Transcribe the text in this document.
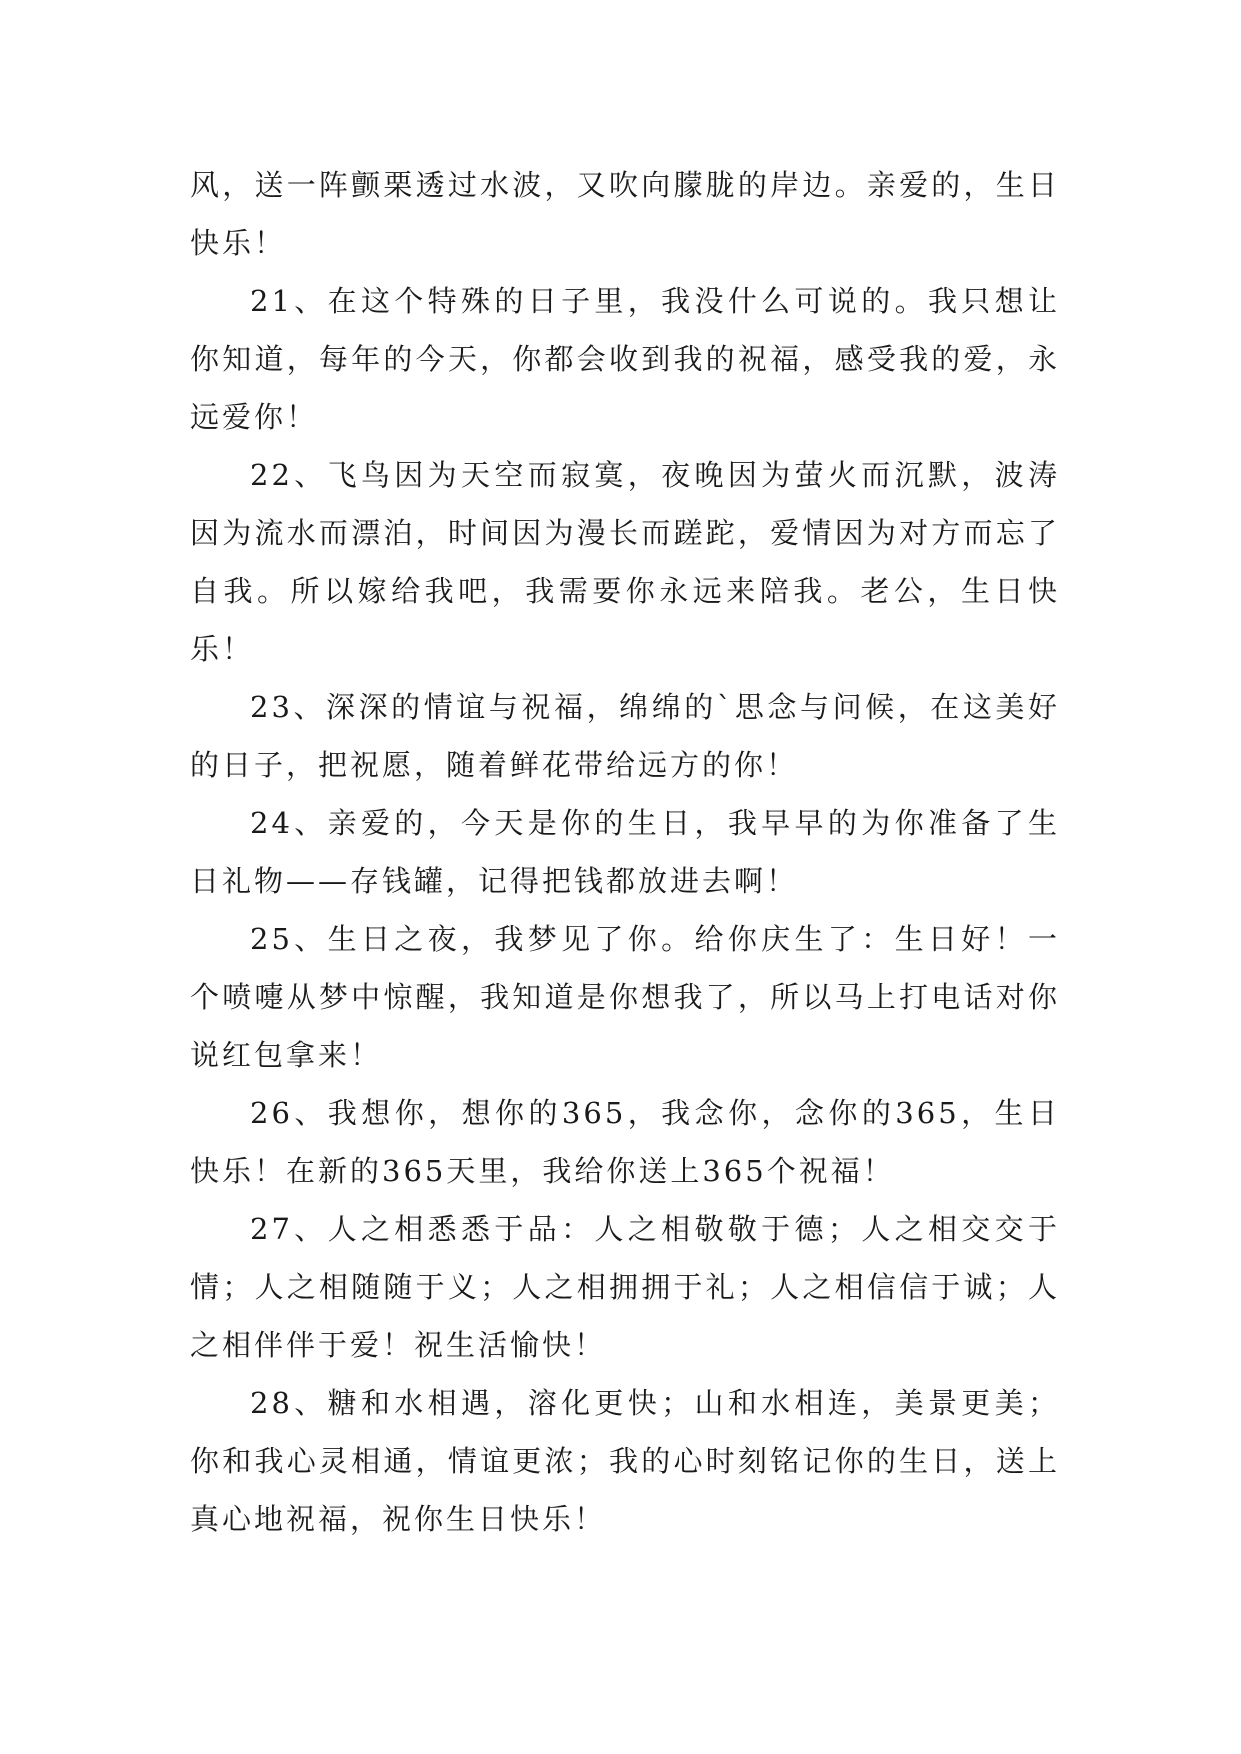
风，送一阵颤栗透过水波，又吹向朦胧的岸边。亲爱的，生日快乐！

21、在这个特殊的日子里，我没什么可说的。我只想让你知道，每年的今天，你都会收到我的祝福，感受我的爱，永远爱你！

22、飞鸟因为天空而寂寞，夜晚因为萤火而沉默，波涛因为流水而漂泊，时间因为漫长而蹉跎，爱情因为对方而忘了自我。所以嫁给我吧，我需要你永远来陪我。老公，生日快乐！

23、深深的情谊与祝福，绵绵的`思念与问候，在这美好的日子，把祝愿，随着鲜花带给远方的你！

24、亲爱的，今天是你的生日，我早早的为你准备了生日礼物——存钱罐，记得把钱都放进去啊！

25、生日之夜，我梦见了你。给你庆生了：生日好！一个喷嚏从梦中惊醒，我知道是你想我了，所以马上打电话对你说红包拿来！

26、我想你，想你的365，我念你，念你的365，生日快乐！在新的365天里，我给你送上365个祝福！

27、人之相悉悉于品：人之相敬敬于德；人之相交交于情；人之相随随于义；人之相拥拥于礼；人之相信信于诚；人之相伴伴于爱！祝生活愉快！

28、糖和水相遇，溶化更快；山和水相连，美景更美；你和我心灵相通，情谊更浓；我的心时刻铭记你的生日，送上真心地祝福，祝你生日快乐！
